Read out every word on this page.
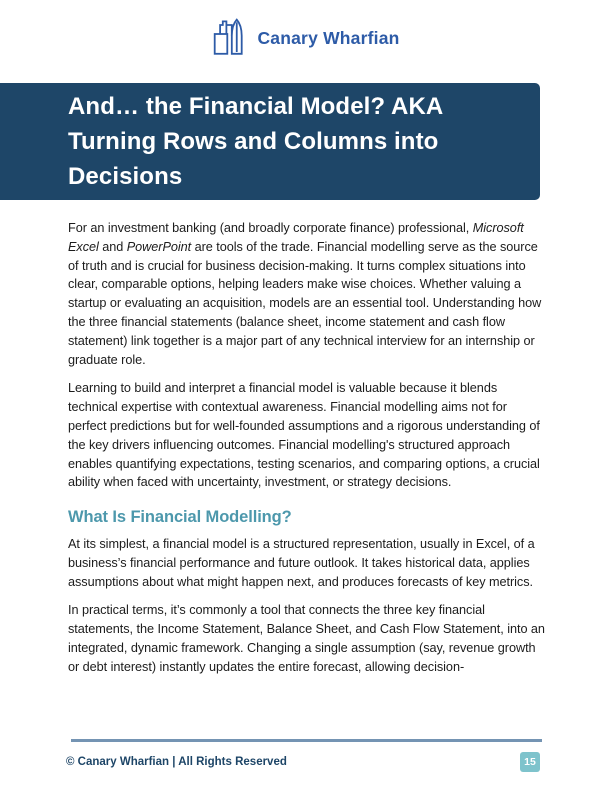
Canary Wharfian
And… the Financial Model? AKA
Turning Rows and Columns into
Decisions

For an investment banking (and broadly corporate finance) professional, Microsoft Excel and PowerPoint are tools of the trade. Financial modelling serve as the source of truth and is crucial for business decision-making. It turns complex situations into clear, comparable options, helping leaders make wise choices. Whether valuing a startup or evaluating an acquisition, models are an essential tool. Understanding how the three financial statements (balance sheet, income statement and cash flow statement) link together is a major part of any technical interview for an internship or graduate role.

Learning to build and interpret a financial model is valuable because it blends technical expertise with contextual awareness. Financial modelling aims not for perfect predictions but for well-founded assumptions and a rigorous understanding of the key drivers influencing outcomes. Financial modelling's structured approach enables quantifying expectations, testing scenarios, and comparing options, a crucial ability when faced with uncertainty, investment, or strategy decisions.

What Is Financial Modelling?

At its simplest, a financial model is a structured representation, usually in Excel, of a business’s financial performance and future outlook. It takes historical data, applies assumptions about what might happen next, and produces forecasts of key metrics.

In practical terms, it’s commonly a tool that connects the three key financial statements, the Income Statement, Balance Sheet, and Cash Flow Statement, into an integrated, dynamic framework. Changing a single assumption (say, revenue growth or debt interest) instantly updates the entire forecast, allowing decision-

© Canary Wharfian | All Rights Reserved	15
